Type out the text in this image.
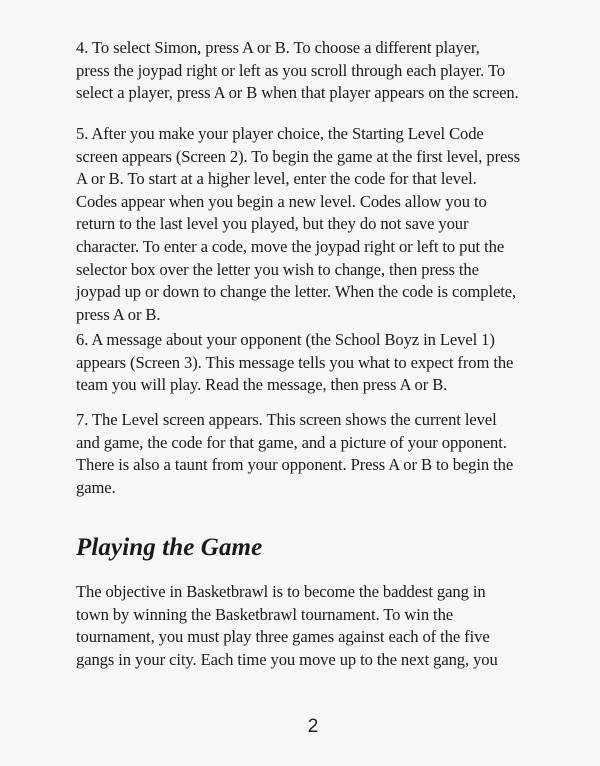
4. To select Simon, press A or B. To choose a different player,
press the joypad right or left as you scroll through each player. To
select a player, press A or B when that player appears on the screen.

5. After you make your player choice, the Starting Level Code
screen appears (Screen 2). To begin the game at the first level, press
A or B. To start at a higher level, enter the code for that level.
Codes appear when you begin a new level. Codes allow you to
return to the last level you played, but they do not save your
character. To enter a code, move the joypad right or left to put the
selector box over the letter you wish to change, then press the
joypad up or down to change the letter. When the code is complete,
press A or B.

6. A message about your opponent (the School Boyz in Level 1)
appears (Screen 3). This message tells you what to expect from the
team you will play. Read the message, then press A or B.

7. The Level screen appears. This screen shows the current level
and game, the code for that game, and a picture of your opponent.
There is also a taunt from your opponent. Press A or B to begin the
game.

Playing the Game

The objective in Basketbrawl is to become the baddest gang in
town by winning the Basketbrawl tournament. To win the
tournament, you must play three games against each of the five
gangs in your city. Each time you move up to the next gang, you

2
